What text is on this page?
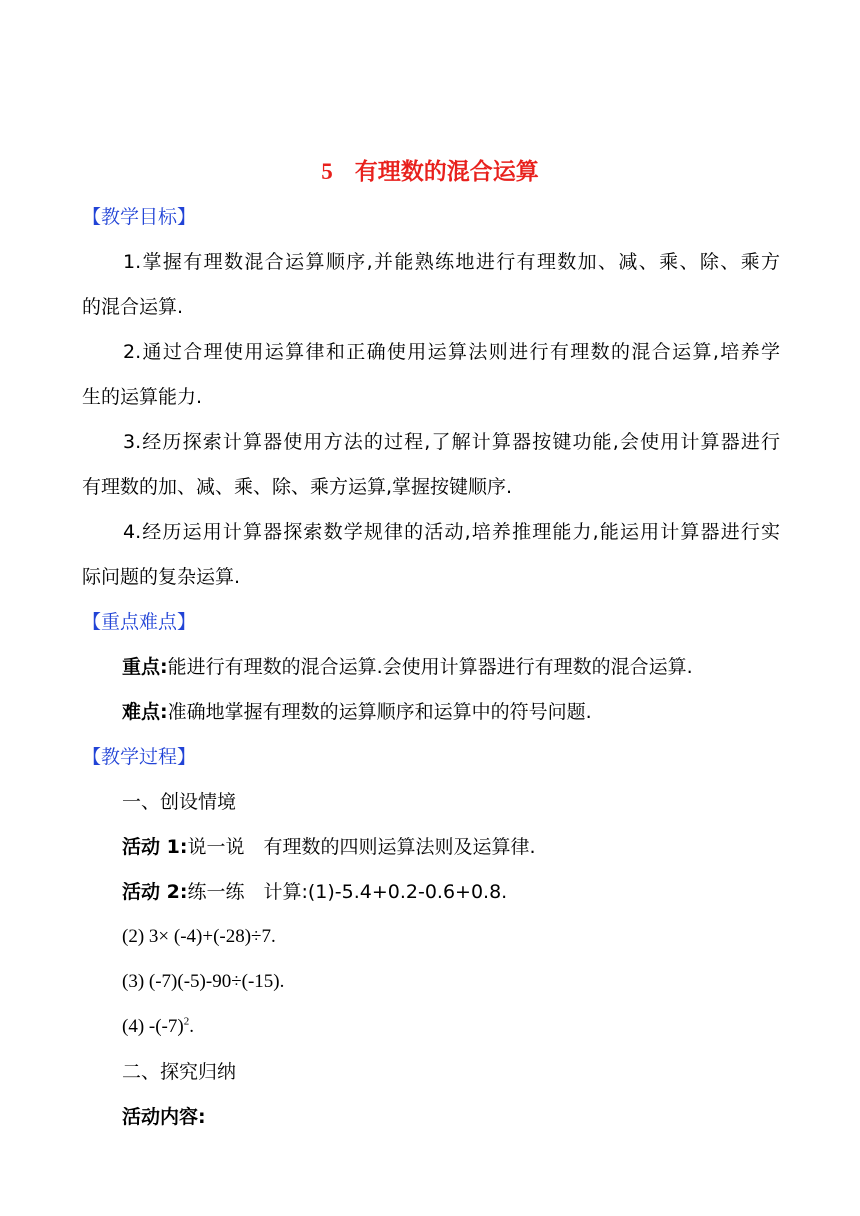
5 有理数的混合运算
【教学目标】
1.掌握有理数混合运算顺序,并能熟练地进行有理数加、减、乘、除、乘方
的混合运算.
2.通过合理使用运算律和正确使用运算法则进行有理数的混合运算,培养学
生的运算能力.
3.经历探索计算器使用方法的过程,了解计算器按键功能,会使用计算器进行
有理数的加、减、乘、除、乘方运算,掌握按键顺序.
4.经历运用计算器探索数学规律的活动,培养推理能力,能运用计算器进行实
际问题的复杂运算.
【重点难点】
重点:能进行有理数的混合运算.会使用计算器进行有理数的混合运算.
难点:准确地掌握有理数的运算顺序和运算中的符号问题.
【教学过程】
一、创设情境
活动 1:说一说　有理数的四则运算法则及运算律.
活动 2:练一练　计算:(1)-5.4+0.2-0.6+0.8.
(2) 3× (-4)+(-28)÷7.
(3) (-7)(-5)-90÷(-15).
(4) $-(-7)^2$.
二、探究归纳
活动内容:
